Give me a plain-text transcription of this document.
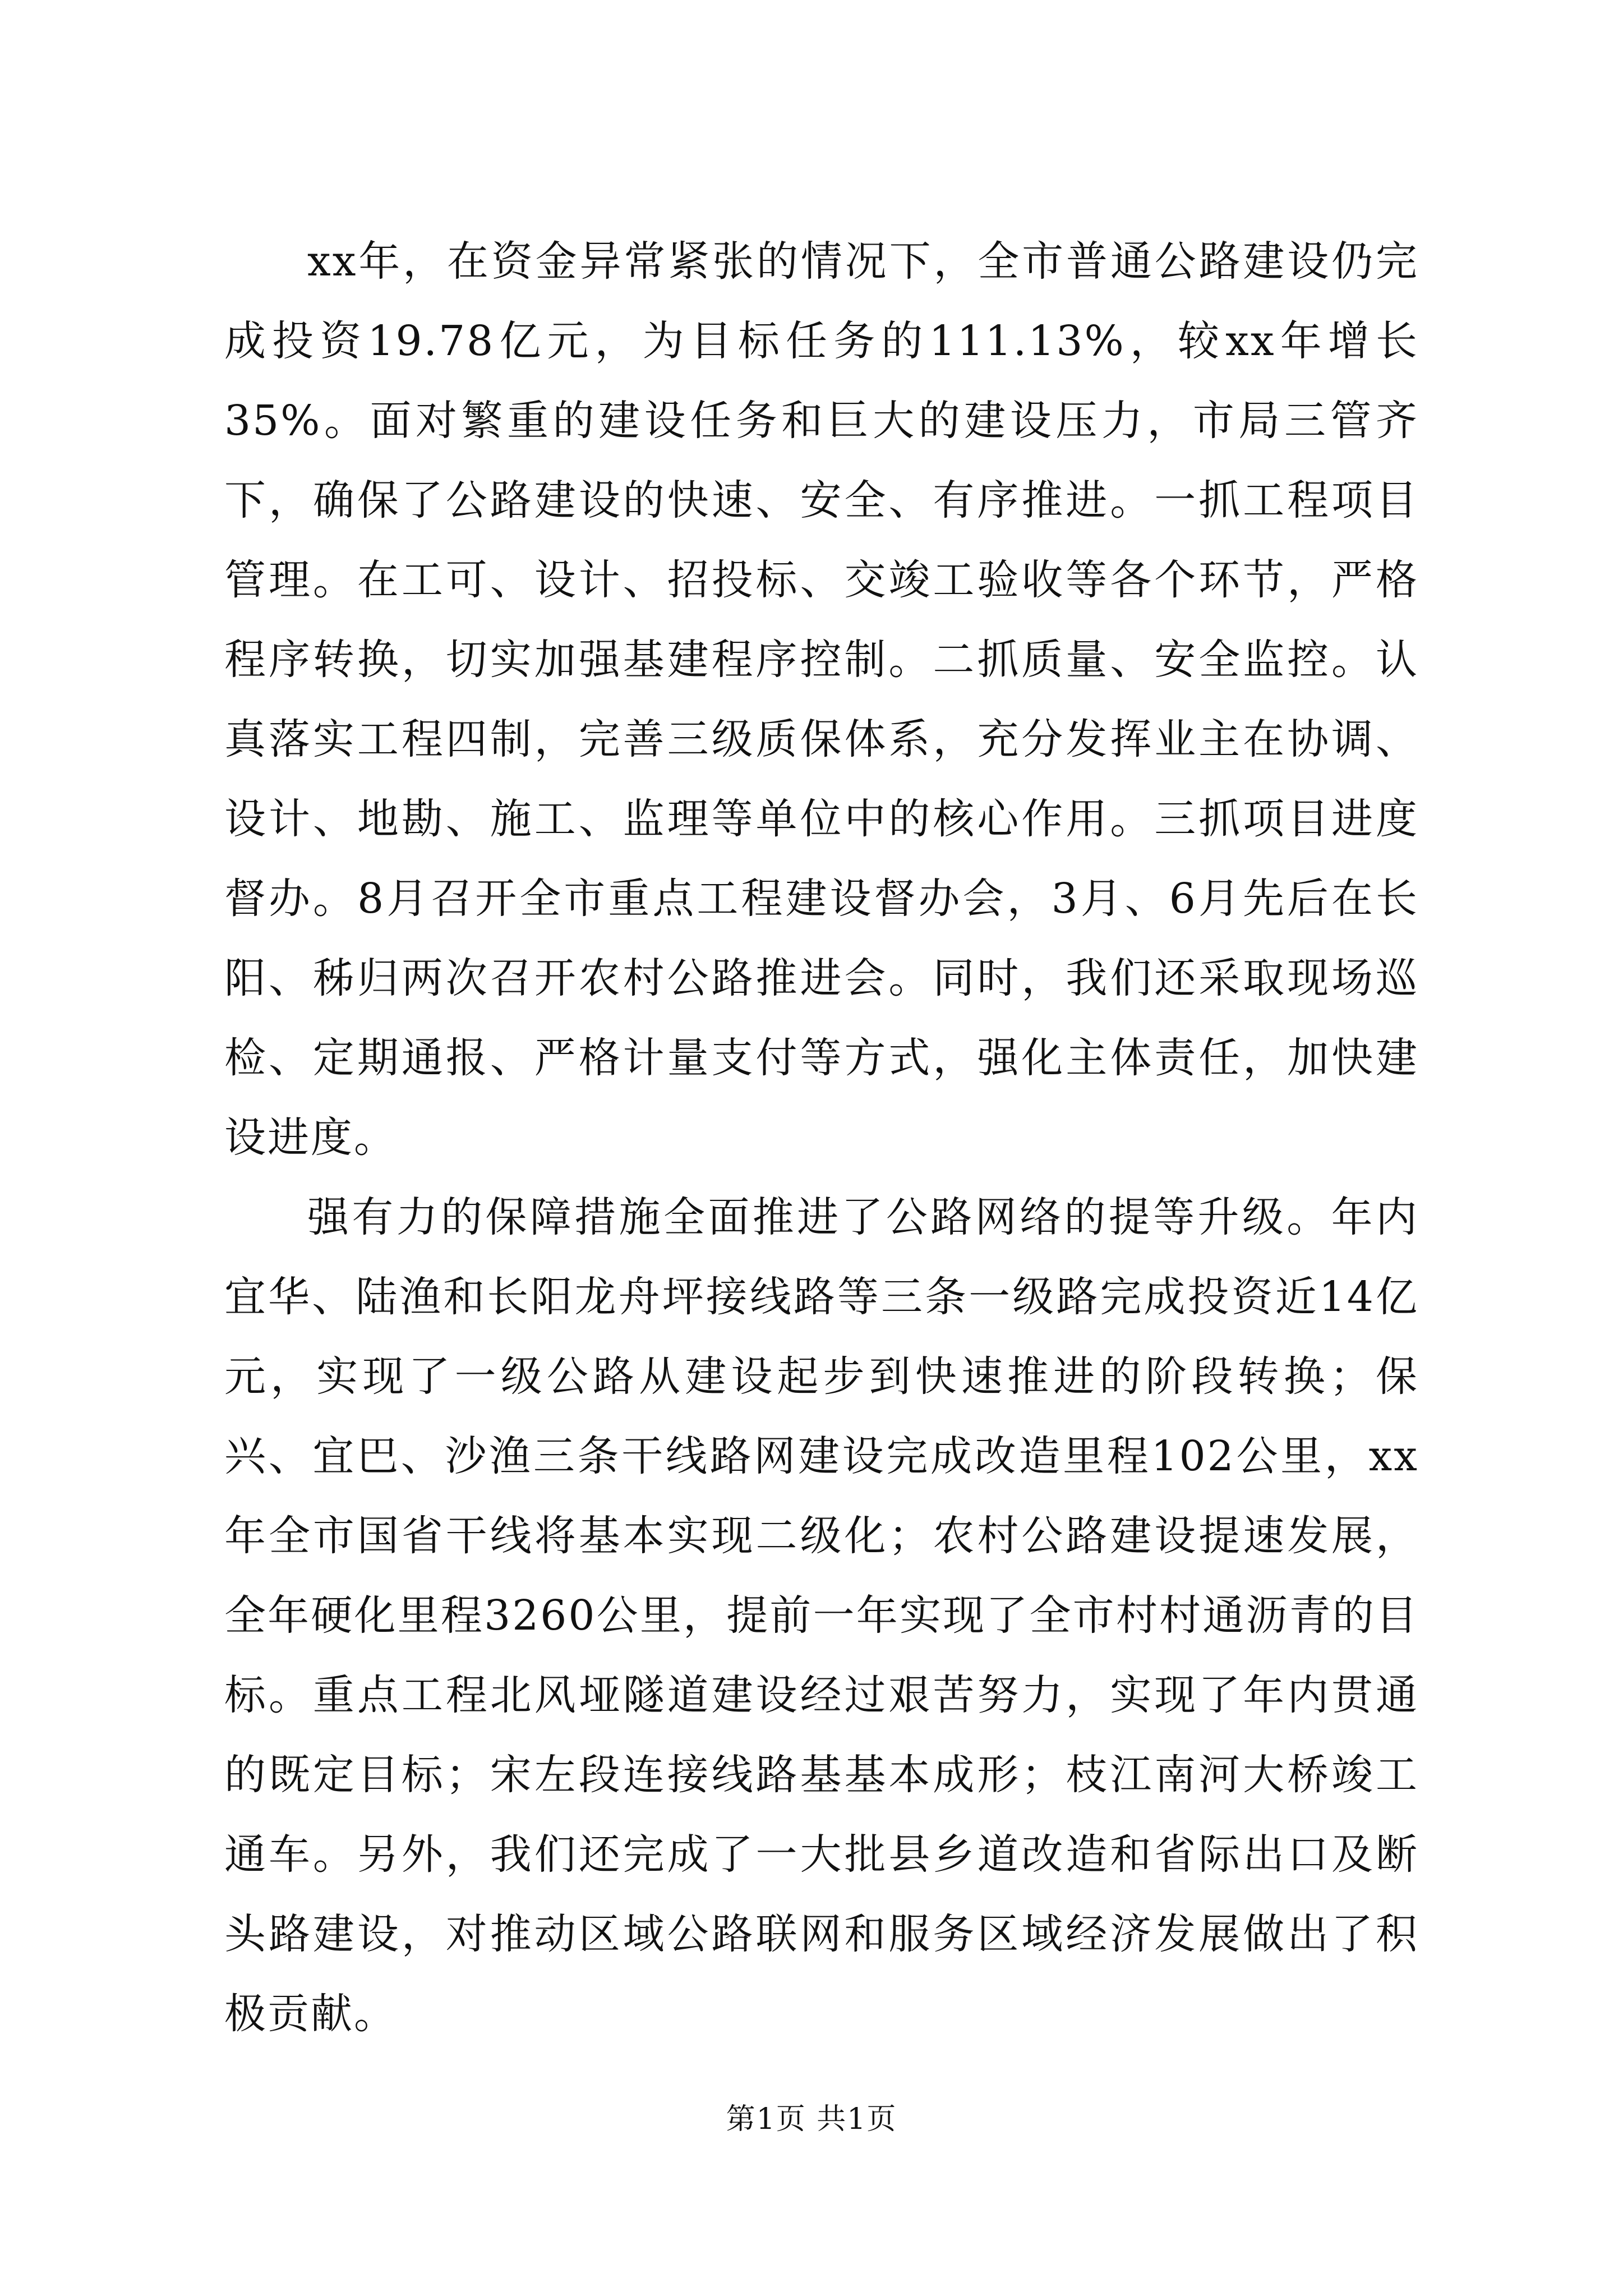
xx年，在资金异常紧张的情况下，全市普通公路建设仍完成投资19.78亿元，为目标任务的111.13%，较xx年增长35%。面对繁重的建设任务和巨大的建设压力，市局三管齐下，确保了公路建设的快速、安全、有序推进。一抓工程项目管理。在工可、设计、招投标、交竣工验收等各个环节，严格程序转换，切实加强基建程序控制。二抓质量、安全监控。认真落实工程四制，完善三级质保体系，充分发挥业主在协调、设计、地勘、施工、监理等单位中的核心作用。三抓项目进度督办。8月召开全市重点工程建设督办会，3月、6月先后在长阳、秭归两次召开农村公路推进会。同时，我们还采取现场巡检、定期通报、严格计量支付等方式，强化主体责任，加快建设进度。

强有力的保障措施全面推进了公路网络的提等升级。年内宜华、陆渔和长阳龙舟坪接线路等三条一级路完成投资近14亿元，实现了一级公路从建设起步到快速推进的阶段转换；保兴、宜巴、沙渔三条干线路网建设完成改造里程102公里，xx年全市国省干线将基本实现二级化；农村公路建设提速发展，全年硬化里程3260公里，提前一年实现了全市村村通沥青的目标。重点工程北风垭隧道建设经过艰苦努力，实现了年内贯通的既定目标；宋左段连接线路基基本成形；枝江南河大桥竣工通车。另外，我们还完成了一大批县乡道改造和省际出口及断头路建设，对推动区域公路联网和服务区域经济发展做出了积极贡献。

第1页 共1页
